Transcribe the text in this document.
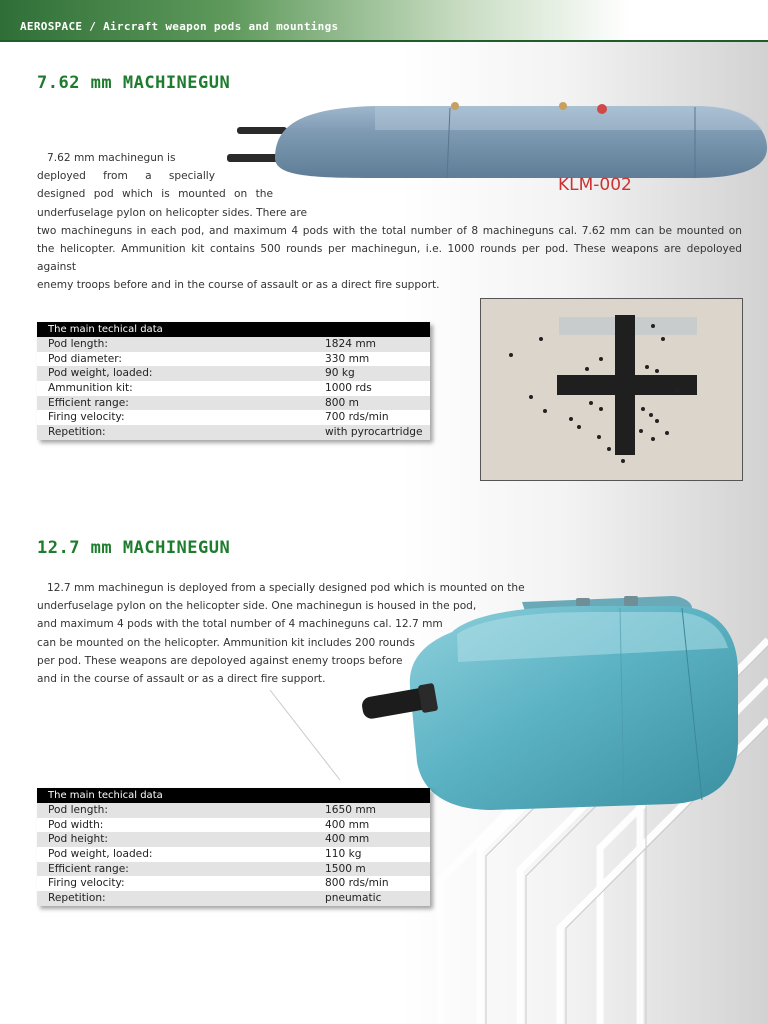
AEROSPACE / Aircraft weapon pods and mountings
7.62 mm MACHINEGUN
KLM-002
7.62 mm machinegun is
deployed from a specially
designed pod which is mounted on the
underfuselage pylon on helicopter sides. There are
two machineguns in each pod, and maximum 4 pods with the total number of 8 machineguns cal. 7.62 mm can be mounted on
the helicopter. Ammunition kit contains 500 rounds per machinegun, i.e. 1000 rounds per pod. These weapons are depoloyed against
enemy troops before and in the course of assault or as a direct fire support.
The main techical data
Pod length:	1824 mm
Pod diameter:	330 mm
Pod weight, loaded:	90 kg
Ammunition kit:	1000 rds
Efficient range:	800 m
Firing velocity:	700 rds/min
Repetition:	with pyrocartridge
12.7 mm MACHINEGUN
12.7 mm machinegun is deployed from a specially designed pod which is mounted on the
underfuselage pylon on the helicopter side. One machinegun is housed in the pod,
and maximum 4 pods with the total number of 4 machineguns cal. 12.7 mm
can be mounted on the helicopter. Ammunition kit includes 200 rounds
per pod. These weapons are depoloyed against enemy troops before
and in the course of assault or as a direct fire support.
The main techical data
Pod length:	1650 mm
Pod width:	400 mm
Pod height:	400 mm
Pod weight, loaded:	110 kg
Efficient range:	1500 m
Firing velocity:	800 rds/min
Repetition:	pneumatic
